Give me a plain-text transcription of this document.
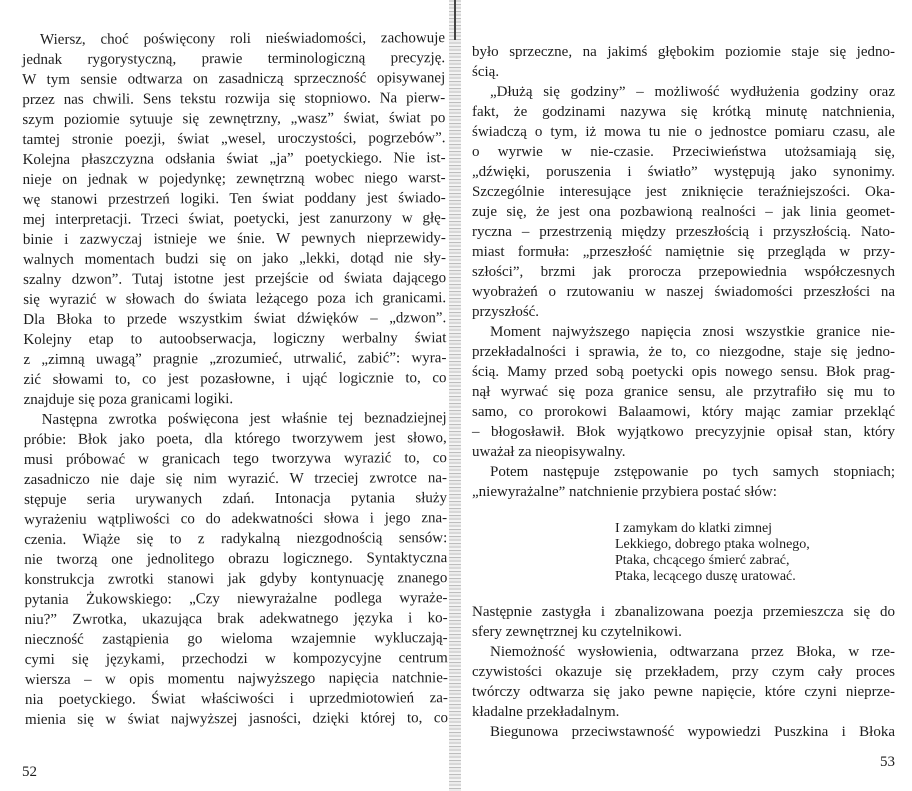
Wiersz, choć poświęcony roli nieświadomości, zachowuje
jednak rygorystyczną, prawie terminologiczną precyzję.
W tym sensie odtwarza on zasadniczą sprzeczność opisywanej
przez nas chwili. Sens tekstu rozwija się stopniowo. Na pierw-
szym poziomie sytuuje się zewnętrzny, „wasz” świat, świat po
tamtej stronie poezji, świat „wesel, uroczystości, pogrzebów”.
Kolejna płaszczyzna odsłania świat „ja” poetyckiego. Nie ist-
nieje on jednak w pojedynkę; zewnętrzną wobec niego warst-
wę stanowi przestrzeń logiki. Ten świat poddany jest świado-
mej interpretacji. Trzeci świat, poetycki, jest zanurzony w głę-
binie i zazwyczaj istnieje we śnie. W pewnych nieprzewidy-
walnych momentach budzi się on jako „lekki, dotąd nie sły-
szalny dzwon”. Tutaj istotne jest przejście od świata dającego
się wyrazić w słowach do świata leżącego poza ich granicami.
Dla Błoka to przede wszystkim świat dźwięków – „dzwon”.
Kolejny etap to autoobserwacja, logiczny werbalny świat
z „zimną uwagą” pragnie „zrozumieć, utrwalić, zabić”: wyra-
zić słowami to, co jest pozasłowne, i ująć logicznie to, co
znajduje się poza granicami logiki.
Następna zwrotka poświęcona jest właśnie tej beznadziejnej
próbie: Błok jako poeta, dla którego tworzywem jest słowo,
musi próbować w granicach tego tworzywa wyrazić to, co
zasadniczo nie daje się nim wyrazić. W trzeciej zwrotce na-
stępuje seria urywanych zdań. Intonacja pytania służy
wyrażeniu wątpliwości co do adekwatności słowa i jego zna-
czenia. Wiąże się to z radykalną niezgodnością sensów:
nie tworzą one jednolitego obrazu logicznego. Syntaktyczna
konstrukcja zwrotki stanowi jak gdyby kontynuację znanego
pytania Żukowskiego: „Czy niewyrażalne podlega wyraże-
niu?” Zwrotka, ukazująca brak adekwatnego języka i ko-
nieczność zastąpienia go wieloma wzajemnie wykluczają-
cymi się językami, przechodzi w kompozycyjne centrum
wiersza – w opis momentu najwyższego napięcia natchnie-
nia poetyckiego. Świat właściwości i uprzedmiotowień za-
mienia się w świat najwyższej jasności, dzięki której to, co
52
było sprzeczne, na jakimś głębokim poziomie staje się jedno-
ścią.
„Dłużą się godziny” – możliwość wydłużenia godziny oraz
fakt, że godzinami nazywa się krótką minutę natchnienia,
świadczą o tym, iż mowa tu nie o jednostce pomiaru czasu, ale
o wyrwie w nie-czasie. Przeciwieństwa utożsamiają się,
„dźwięki, poruszenia i światło” występują jako synonimy.
Szczególnie interesujące jest zniknięcie teraźniejszości. Oka-
zuje się, że jest ona pozbawioną realności – jak linia geomet-
ryczna – przestrzenią między przeszłością i przyszłością. Nato-
miast formuła: „przeszłość namiętnie się przegląda w przy-
szłości”, brzmi jak prorocza przepowiednia współczesnych
wyobrażeń o rzutowaniu w naszej świadomości przeszłości na
przyszłość.
Moment najwyższego napięcia znosi wszystkie granice nie-
przekładalności i sprawia, że to, co niezgodne, staje się jedno-
ścią. Mamy przed sobą poetycki opis nowego sensu. Błok prag-
nął wyrwać się poza granice sensu, ale przytrafiło się mu to
samo, co prorokowi Balaamowi, który mając zamiar przekląć
– błogosławił. Błok wyjątkowo precyzyjnie opisał stan, który
uważał za nieopisywalny.
Potem następuje zstępowanie po tych samych stopniach;
„niewyrażalne” natchnienie przybiera postać słów:
I zamykam do klatki zimnej
Lekkiego, dobrego ptaka wolnego,
Ptaka, chcącego śmierć zabrać,
Ptaka, lecącego duszę uratować.
Następnie zastygła i zbanalizowana poezja przemieszcza się do
sfery zewnętrznej ku czytelnikowi.
Niemożność wysłowienia, odtwarzana przez Błoka, w rze-
czywistości okazuje się przekładem, przy czym cały proces
twórczy odtwarza się jako pewne napięcie, które czyni nieprze-
kładalne przekładalnym.
Biegunowa przeciwstawność wypowiedzi Puszkina i Błoka
53
